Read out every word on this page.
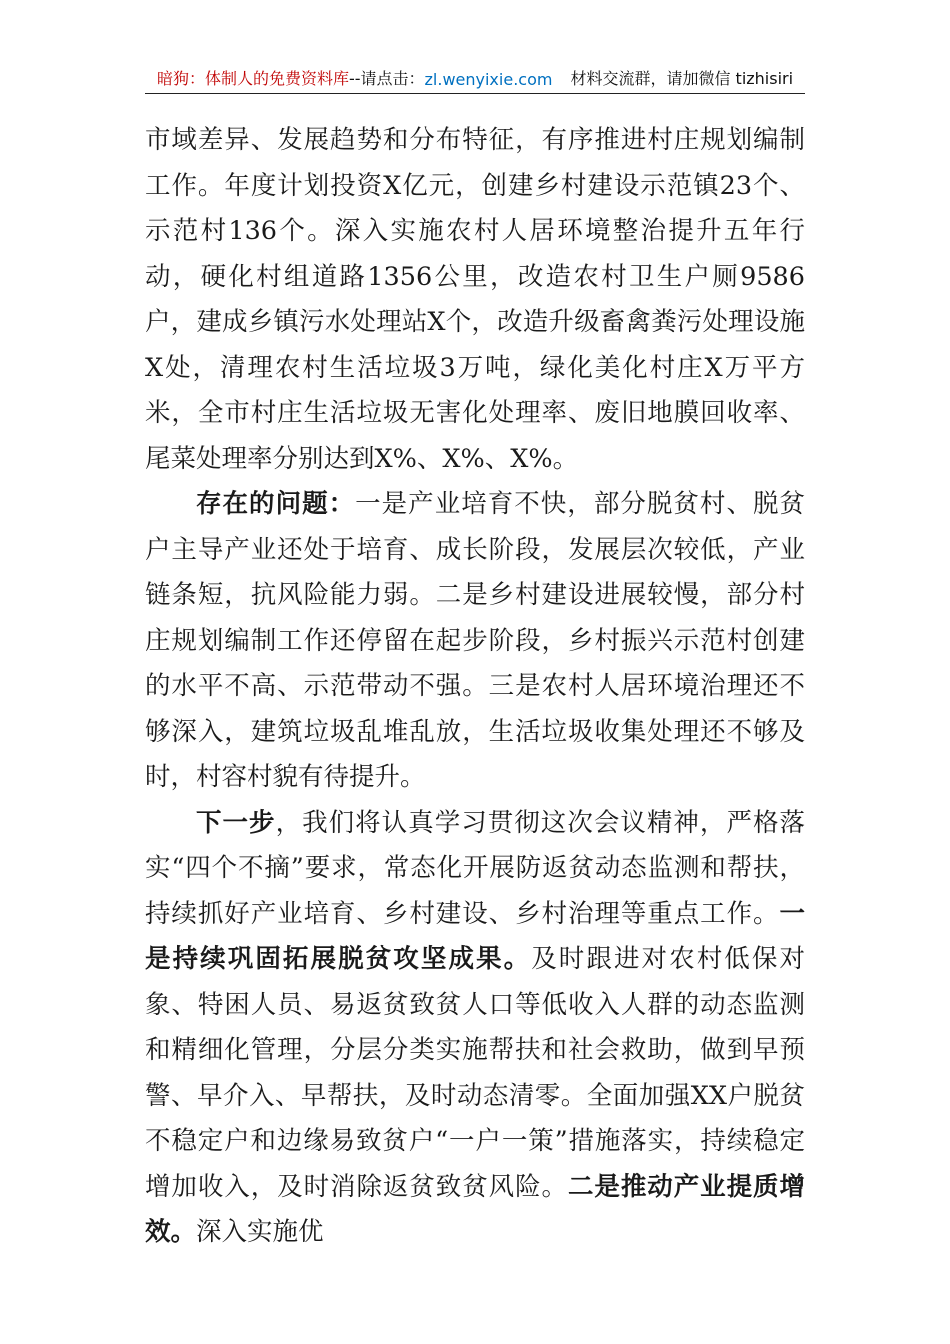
暗狗：体制人的免费资料库 --请点击： zl.wenyixie.com 材料交流群，请加微信 tizhisiri

市域差异、发展趋势和分布特征，有序推进村庄规划编制工作。年度计划投资X亿元，创建乡村建设示范镇23个、示范村136个。深入实施农村人居环境整治提升五年行动，硬化村组道路1356公里，改造农村卫生户厕9586户，建成乡镇污水处理站X个，改造升级畜禽粪污处理设施X处，清理农村生活垃圾3万吨，绿化美化村庄X万平方米，全市村庄生活垃圾无害化处理率、废旧地膜回收率、尾菜处理率分别达到X%、X%、X%。

存在的问题：一是产业培育不快，部分脱贫村、脱贫户主导产业还处于培育、成长阶段，发展层次较低，产业链条短，抗风险能力弱。二是乡村建设进展较慢，部分村庄规划编制工作还停留在起步阶段，乡村振兴示范村创建的水平不高、示范带动不强。三是农村人居环境治理还不够深入，建筑垃圾乱堆乱放，生活垃圾收集处理还不够及时，村容村貌有待提升。

下一步，我们将认真学习贯彻这次会议精神，严格落实“四个不摘”要求，常态化开展防返贫动态监测和帮扶，持续抓好产业培育、乡村建设、乡村治理等重点工作。一是持续巩固拓展脱贫攻坚成果。及时跟进对农村低保对象、特困人员、易返贫致贫人口等低收入人群的动态监测和精细化管理，分层分类实施帮扶和社会救助，做到早预警、早介入、早帮扶，及时动态清零。全面加强XX户脱贫不稳定户和边缘易致贫户“一户一策”措施落实，持续稳定增加收入，及时消除返贫致贫风险。二是推动产业提质增效。深入实施优
